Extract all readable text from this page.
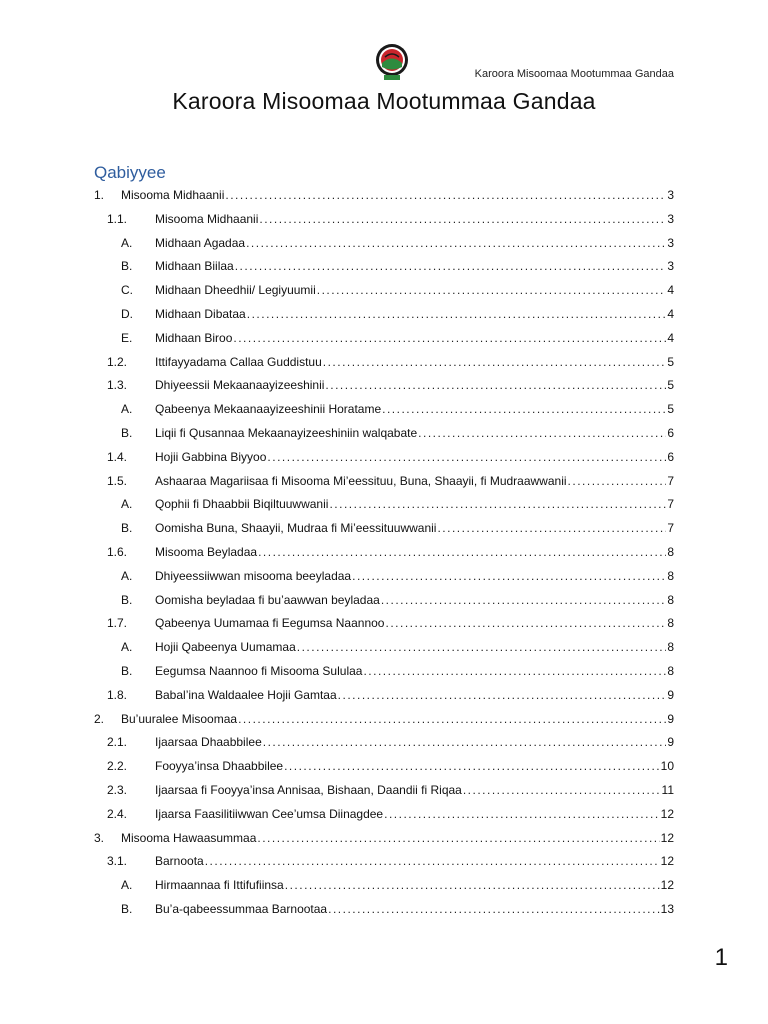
Karoora Misoomaa Mootummaa Gandaa
Karoora Misoomaa Mootummaa Gandaa
Qabiyyee
1. Misooma Midhaanii .....	3
1.1. Misooma Midhaanii .....	3
A. Midhaan Agadaa .....	3
B. Midhaan Biilaa .....	3
C. Midhaan Dheedhii/ Legiyuumii .....	4
D. Midhaan Dibataa .....	4
E. Midhaan Biroo .....	4
1.2. Ittifayyadama Callaa Guddistuu .....	5
1.3. Dhiyeessii Mekaanaayizeeshinii .....	5
A. Qabeenya Mekaanaayizeeshinii Horatame .....	5
B. Liqii fi Qusannaa Mekaanayizeeshiniin walqabate .....	6
1.4. Hojii Gabbina Biyyoo .....	6
1.5. Ashaaraa Magariisaa fi Misooma Mi’eessituu, Buna, Shaayii, fi Mudraawwanii .....	7
A. Qophii fi Dhaabbii Biqiltuuwwanii .....	7
B. Oomisha Buna, Shaayii, Mudraa fi Mi’eessituuwwanii .....	7
1.6. Misooma Beyladaa .....	8
A. Dhiyeessiiwwan misooma beeyladaa .....	8
B. Oomisha beyladaa fi bu’aawwan beyladaa .....	8
1.7. Qabeenya Uumamaa fi Eegumsa Naannoo .....	8
A. Hojii Qabeenya Uumamaa .....	8
B. Eegumsa Naannoo fi Misooma Sululaa .....	8
1.8. Babal’ina Waldaalee Hojii Gamtaa .....	9
2. Bu’uuralee Misoomaa .....	9
2.1. Ijaarsaa Dhaabbilee .....	9
2.2. Fooyya’insa Dhaabbilee .....	10
2.3. Ijaarsaa fi Fooyya’insa Annisaa, Bishaan, Daandii fi Riqaa .....	11
2.4. Ijaarsa Faasilitiiwwan Cee’umsa Diinagdee .....	12
3. Misooma Hawaasummaa .....	12
3.1. Barnoota .....	12
A. Hirmaannaa fi Ittifufiinsa .....	12
B. Bu’a-qabeessummaa Barnootaa .....	13
1
